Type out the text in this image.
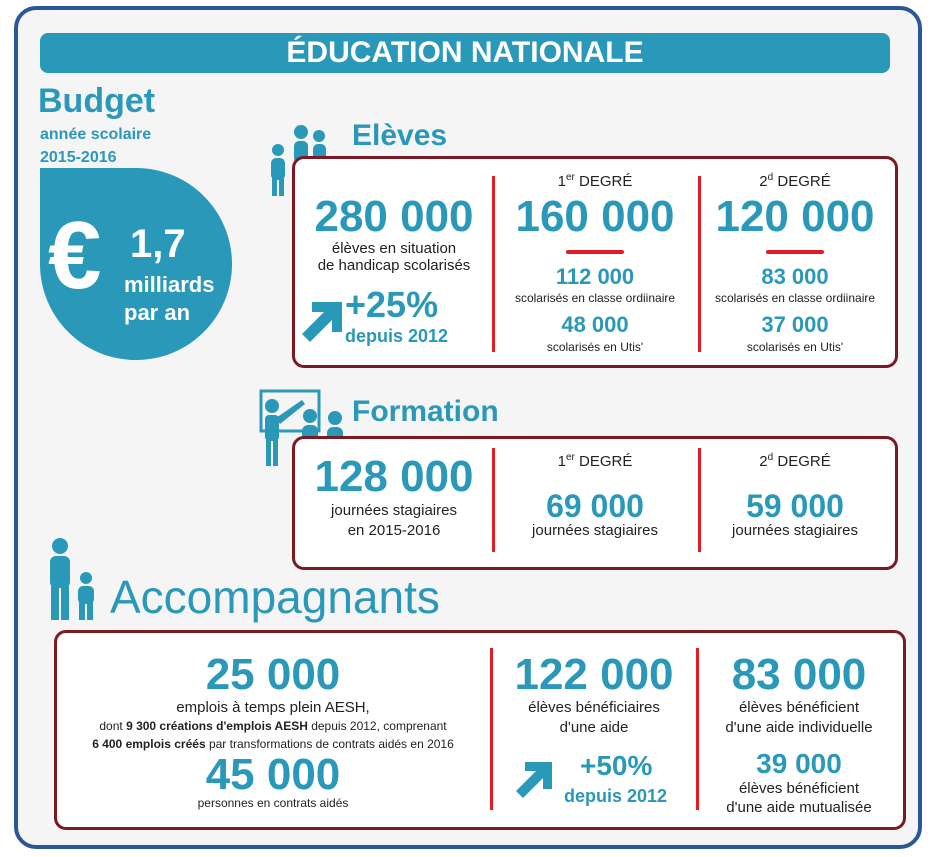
ÉDUCATION NATIONALE
Budget
année scolaire
2015-2016
€ 1,7
milliards
par an
Elèves
280 000
élèves en situation
de handicap scolarisés
+25%
depuis 2012
1er DEGRÉ
160 000
112 000
scolarisés en classe ordiinaire
48 000
scolarisés en Utis'
2$^d$ DEGRÉ
120 000
83 000
scolarisés en classe ordiinaire
37 000
scolarisés en Utis'
Formation
128 000
journées stagiaires
en 2015-2016
1er DEGRÉ
69 000
journées stagiaires
2$^d$ DEGRÉ
59 000
journées stagiaires
Accompagnants
25 000
emplois à temps plein AESH,
dont 9 300 créations d'emplois AESH depuis 2012, comprenant
6 400 emplois créés par transformations de contrats aidés en 2016
45 000
personnes en contrats aidés
122 000
élèves bénéficiaires
d'une aide
+50%
depuis 2012
83 000
élèves bénéficient
d'une aide individuelle
39 000
élèves bénéficient
d'une aide mutualisée
